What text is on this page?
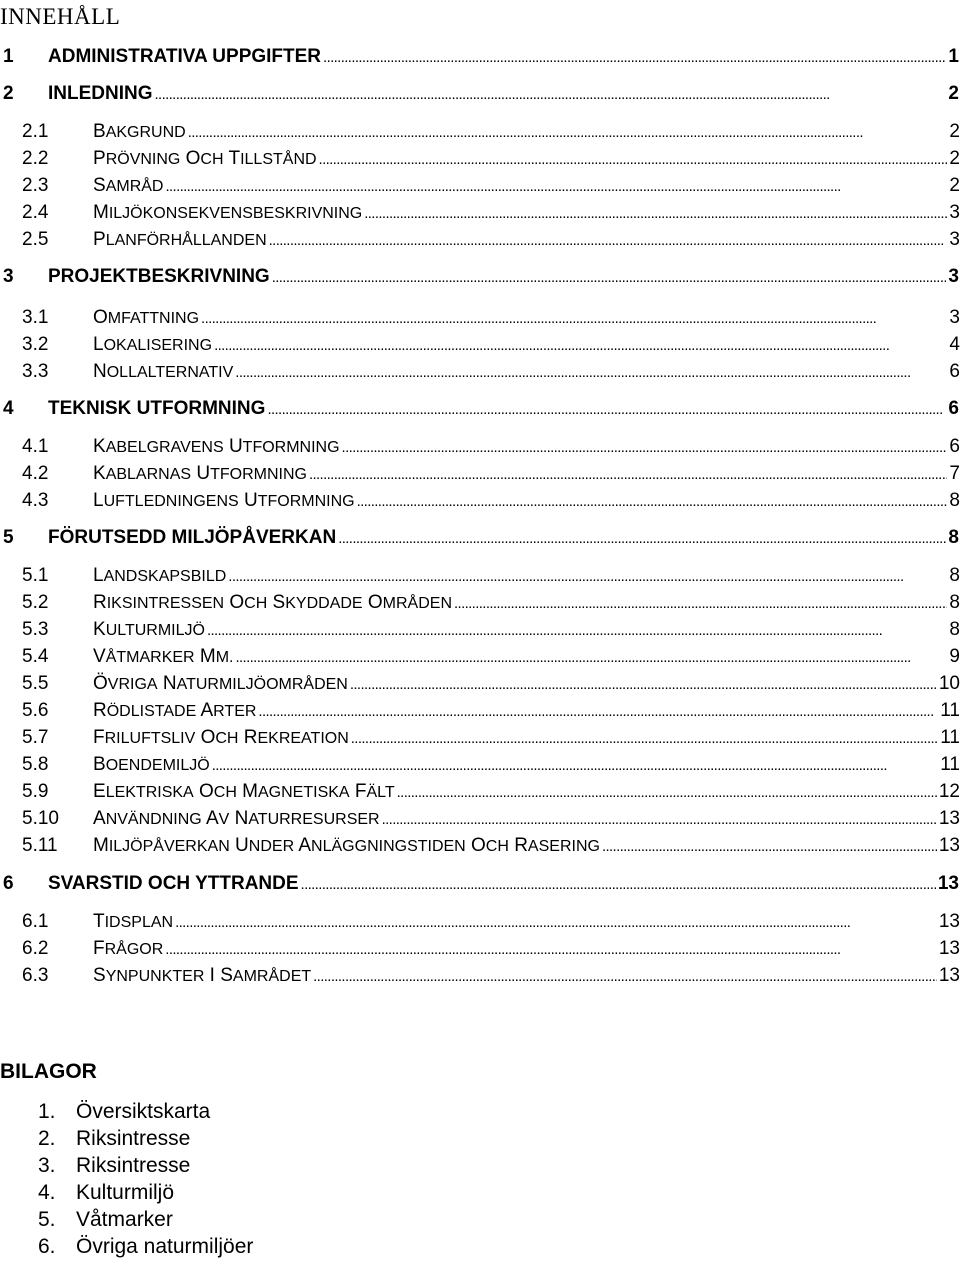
INNEHÅLL
1	ADMINISTRATIVA UPPGIFTER . . .	1
2	INLEDNING . . .	2
2.1	BAKGRUND . . .	2
2.2	PRÖVNING OCH TILLSTÅND . . .	2
2.3	SAMRÅD . . .	2
2.4	MILJÖKONSEKVENSBESKRIVNING . . .	3
2.5	PLANFÖRHÅLLANDEN . . .	3
3	PROJEKTBESKRIVNING . . .	3
3.1	OMFATTNING . . .	3
3.2	LOKALISERING . . .	4
3.3	NOLLALTERNATIV . . .	6
4	TEKNISK UTFORMNING . . .	6
4.1	KABELGRAVENS UTFORMNING . . .	6
4.2	KABLARNAS UTFORMNING . . .	7
4.3	LUFTLEDNINGENS UTFORMNING . . .	8
5	FÖRUTSEDD MILJÖPÅVERKAN . . .	8
5.1	LANDSKAPSBILD . . .	8
5.2	RIKSINTRESSEN OCH SKYDDADE OMRÅDEN . . .	8
5.3	KULTURMILJÖ . . .	8
5.4	VÅTMARKER MM. . . .	9
5.5	ÖVRIGA NATURMILJÖOMRÅDEN . . .	10
5.6	RÖDLISTADE ARTER . . .	11
5.7	FRILUFTSLIV OCH REKREATION . . .	11
5.8	BOENDEMILJÖ . . .	11
5.9	ELEKTRISKA OCH MAGNETISKA FÄLT . . .	12
5.10	ANVÄNDNING AV NATURRESURSER . . .	13
5.11	MILJÖPÅVERKAN UNDER ANLÄGGNINGSTIDEN OCH RASERING . . .	13
6	SVARSTID OCH YTTRANDE . . .	13
6.1	TIDSPLAN . . .	13
6.2	FRÅGOR . . .	13
6.3	SYNPUNKTER I SAMRÅDET . . .	13
BILAGOR
1. Översiktskarta
2. Riksintresse
3. Riksintresse
4. Kulturmiljö
5. Våtmarker
6. Övriga naturmiljöer
